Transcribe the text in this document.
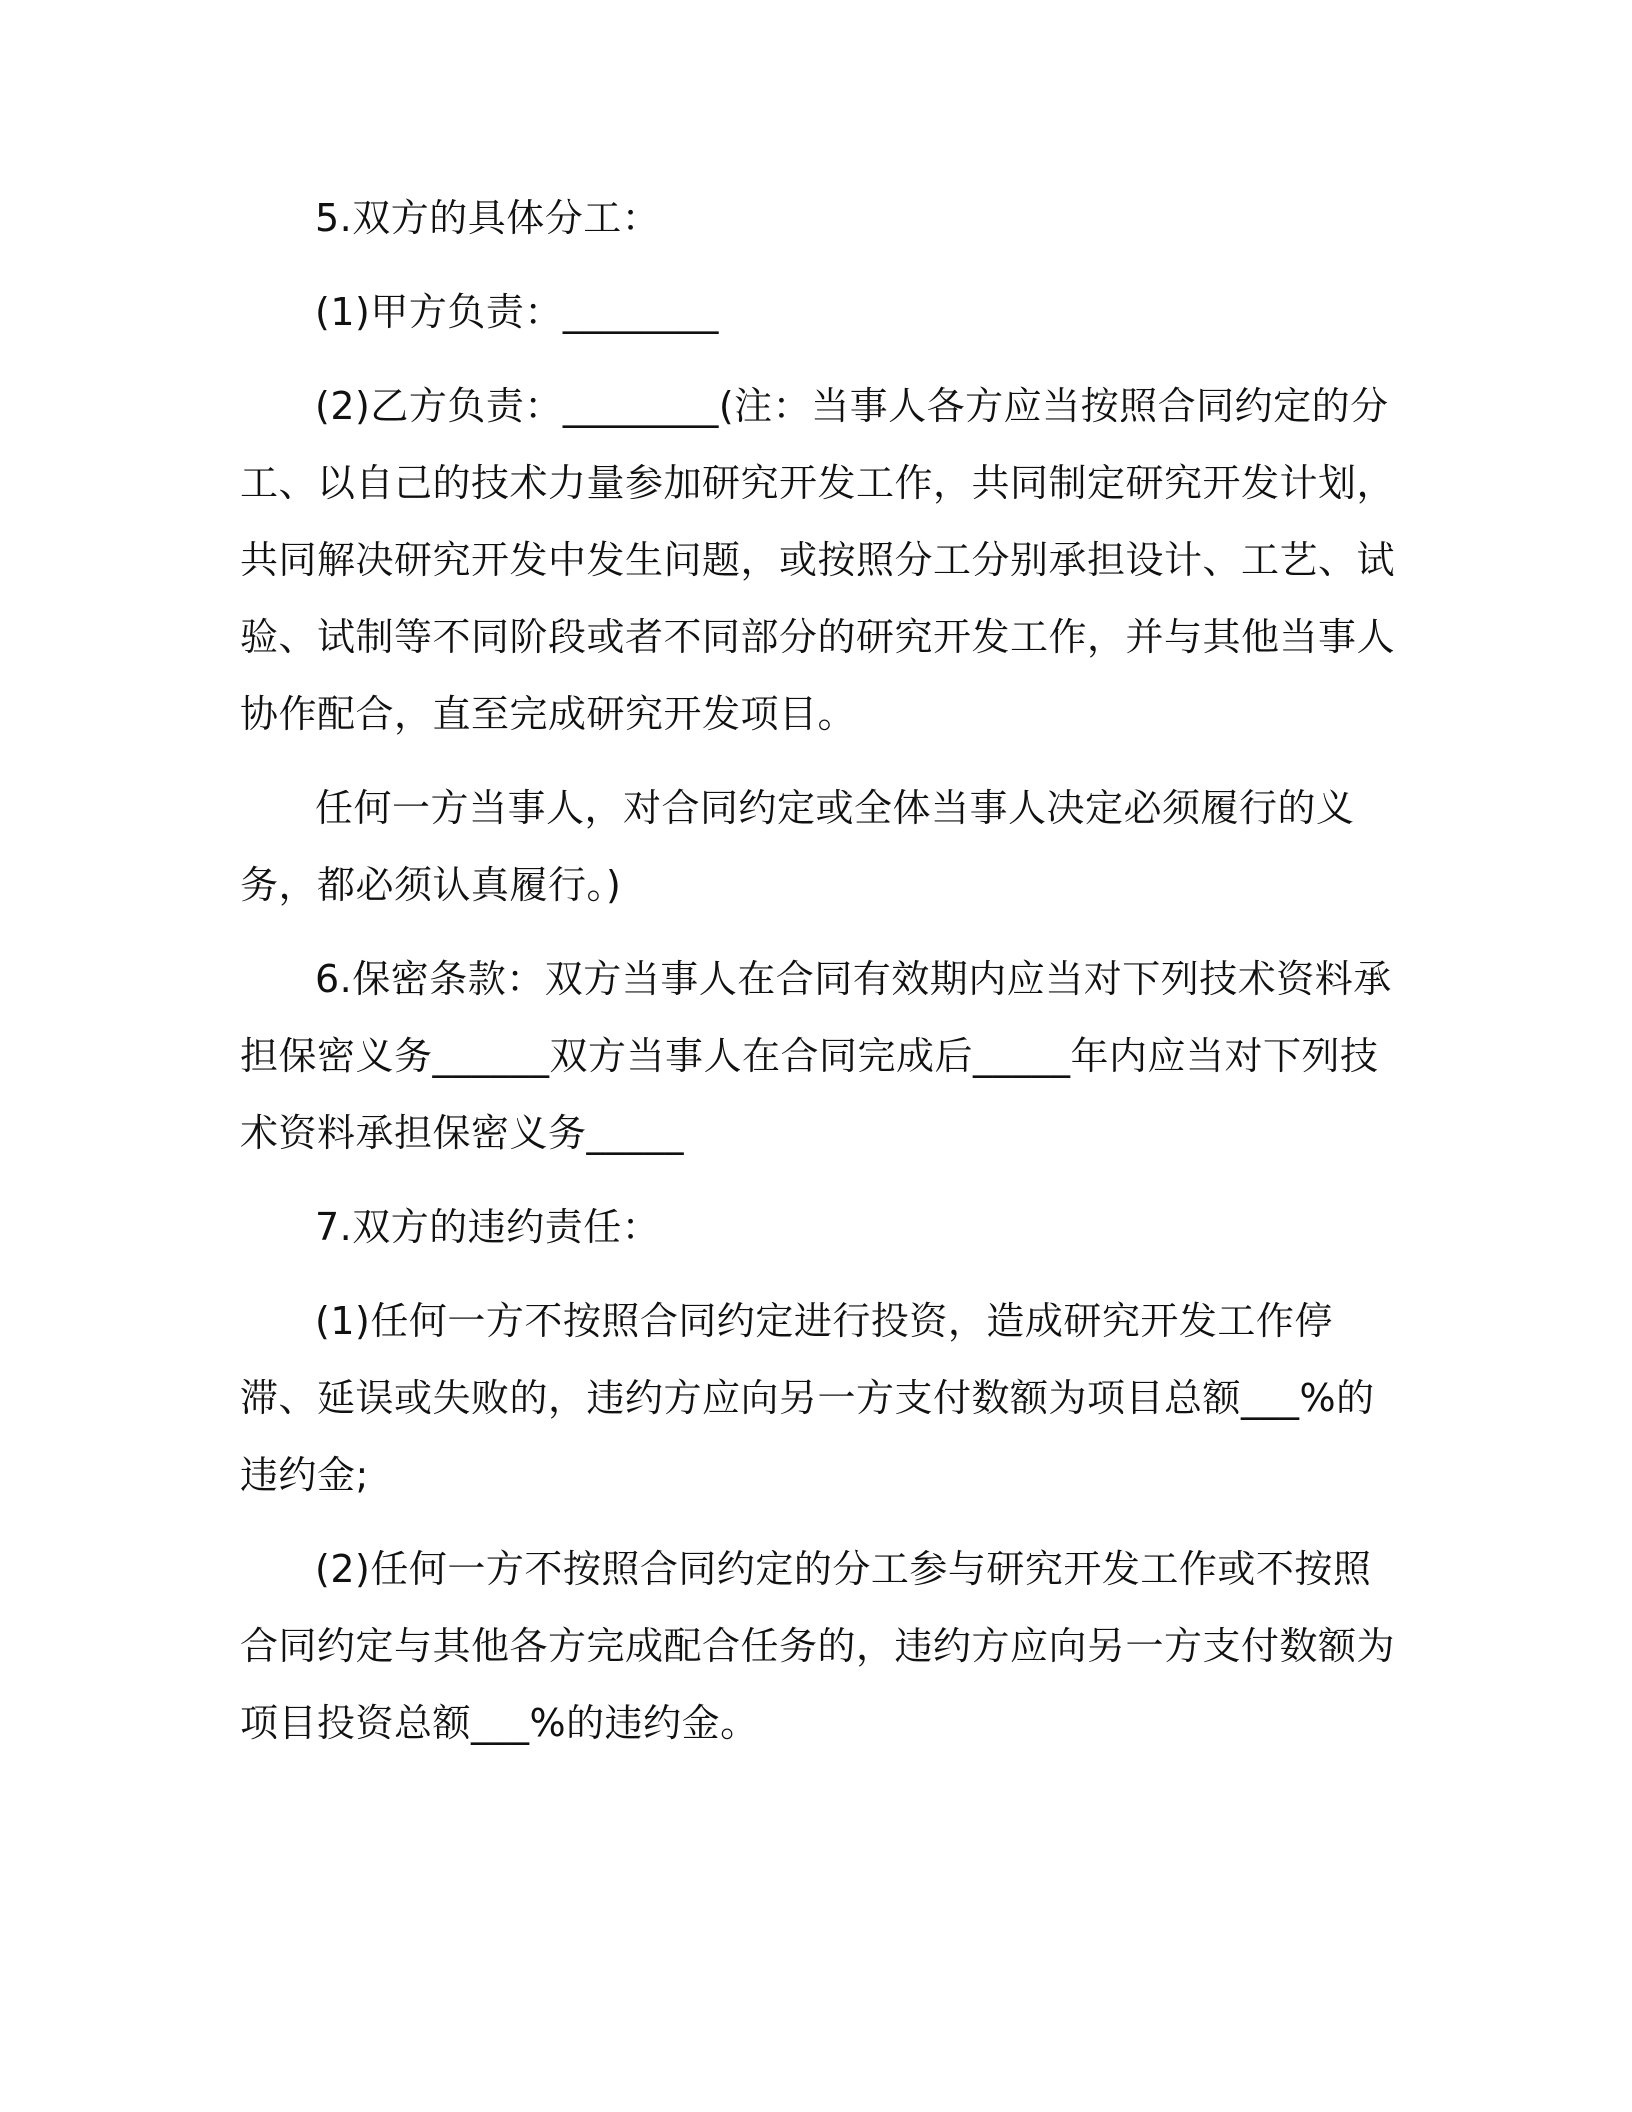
5.双方的具体分工：

(1)甲方负责：________

(2)乙方负责：________(注：当事人各方应当按照合同约定的分工、以自己的技术力量参加研究开发工作，共同制定研究开发计划，共同解决研究开发中发生问题，或按照分工分别承担设计、工艺、试验、试制等不同阶段或者不同部分的研究开发工作，并与其他当事人协作配合，直至完成研究开发项目。

任何一方当事人，对合同约定或全体当事人决定必须履行的义务，都必须认真履行。)

6.保密条款：双方当事人在合同有效期内应当对下列技术资料承担保密义务______双方当事人在合同完成后_____年内应当对下列技术资料承担保密义务_____

7.双方的违约责任：

(1)任何一方不按照合同约定进行投资，造成研究开发工作停滞、延误或失败的，违约方应向另一方支付数额为项目总额___%的违约金;

(2)任何一方不按照合同约定的分工参与研究开发工作或不按照合同约定与其他各方完成配合任务的，违约方应向另一方支付数额为项目投资总额___%的违约金。
